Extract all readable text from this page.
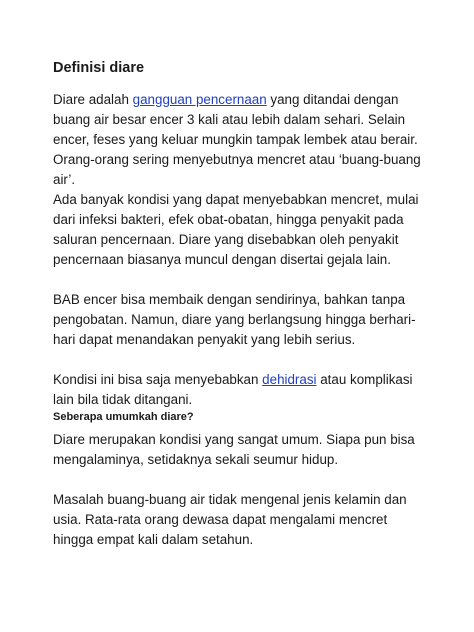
Definisi diare

Diare adalah gangguan pencernaan yang ditandai dengan buang air besar encer 3 kali atau lebih dalam sehari. Selain encer, feses yang keluar mungkin tampak lembek atau berair. Orang-orang sering menyebutnya mencret atau ‘buang-buang air’.

Ada banyak kondisi yang dapat menyebabkan mencret, mulai dari infeksi bakteri, efek obat-obatan, hingga penyakit pada saluran pencernaan. Diare yang disebabkan oleh penyakit pencernaan biasanya muncul dengan disertai gejala lain.

BAB encer bisa membaik dengan sendirinya, bahkan tanpa pengobatan. Namun, diare yang berlangsung hingga berhari-hari dapat menandakan penyakit yang lebih serius.

Kondisi ini bisa saja menyebabkan dehidrasi atau komplikasi lain bila tidak ditangani.

Seberapa umumkah diare?

Diare merupakan kondisi yang sangat umum. Siapa pun bisa mengalaminya, setidaknya sekali seumur hidup.

Masalah buang-buang air tidak mengenal jenis kelamin dan usia. Rata-rata orang dewasa dapat mengalami mencret hingga empat kali dalam setahun.
